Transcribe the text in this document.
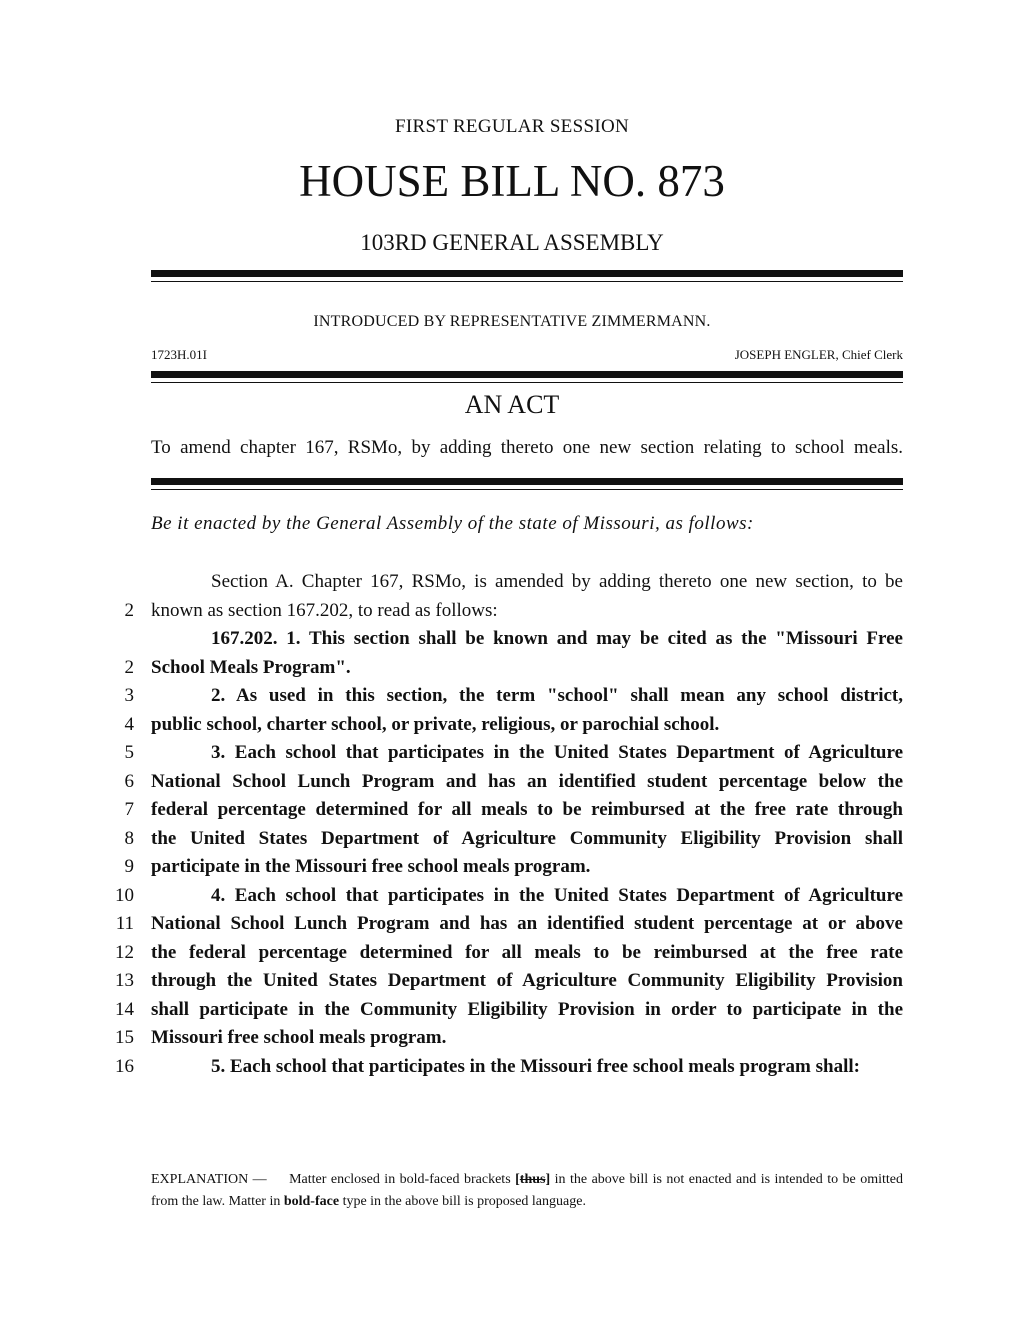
FIRST REGULAR SESSION
HOUSE BILL NO. 873
103RD GENERAL ASSEMBLY
INTRODUCED BY REPRESENTATIVE ZIMMERMANN.
1723H.01I	JOSEPH ENGLER, Chief Clerk
AN ACT
To amend chapter 167, RSMo, by adding thereto one new section relating to school meals.
Be it enacted by the General Assembly of the state of Missouri, as follows:
Section A. Chapter 167, RSMo, is amended by adding thereto one new section, to be
2 known as section 167.202, to read as follows:
167.202. 1. This section shall be known and may be cited as the "Missouri Free
2 School Meals Program".
3	2. As used in this section, the term "school" shall mean any school district,
4 public school, charter school, or private, religious, or parochial school.
5	3. Each school that participates in the United States Department of Agriculture
6 National School Lunch Program and has an identified student percentage below the
7 federal percentage determined for all meals to be reimbursed at the free rate through
8 the United States Department of Agriculture Community Eligibility Provision shall
9 participate in the Missouri free school meals program.
10	4. Each school that participates in the United States Department of Agriculture
11 National School Lunch Program and has an identified student percentage at or above
12 the federal percentage determined for all meals to be reimbursed at the free rate
13 through the United States Department of Agriculture Community Eligibility Provision
14 shall participate in the Community Eligibility Provision in order to participate in the
15 Missouri free school meals program.
16	5. Each school that participates in the Missouri free school meals program shall:
EXPLANATION — Matter enclosed in bold-faced brackets [thus] in the above bill is not enacted and is intended to be omitted from the law. Matter in bold-face type in the above bill is proposed language.
